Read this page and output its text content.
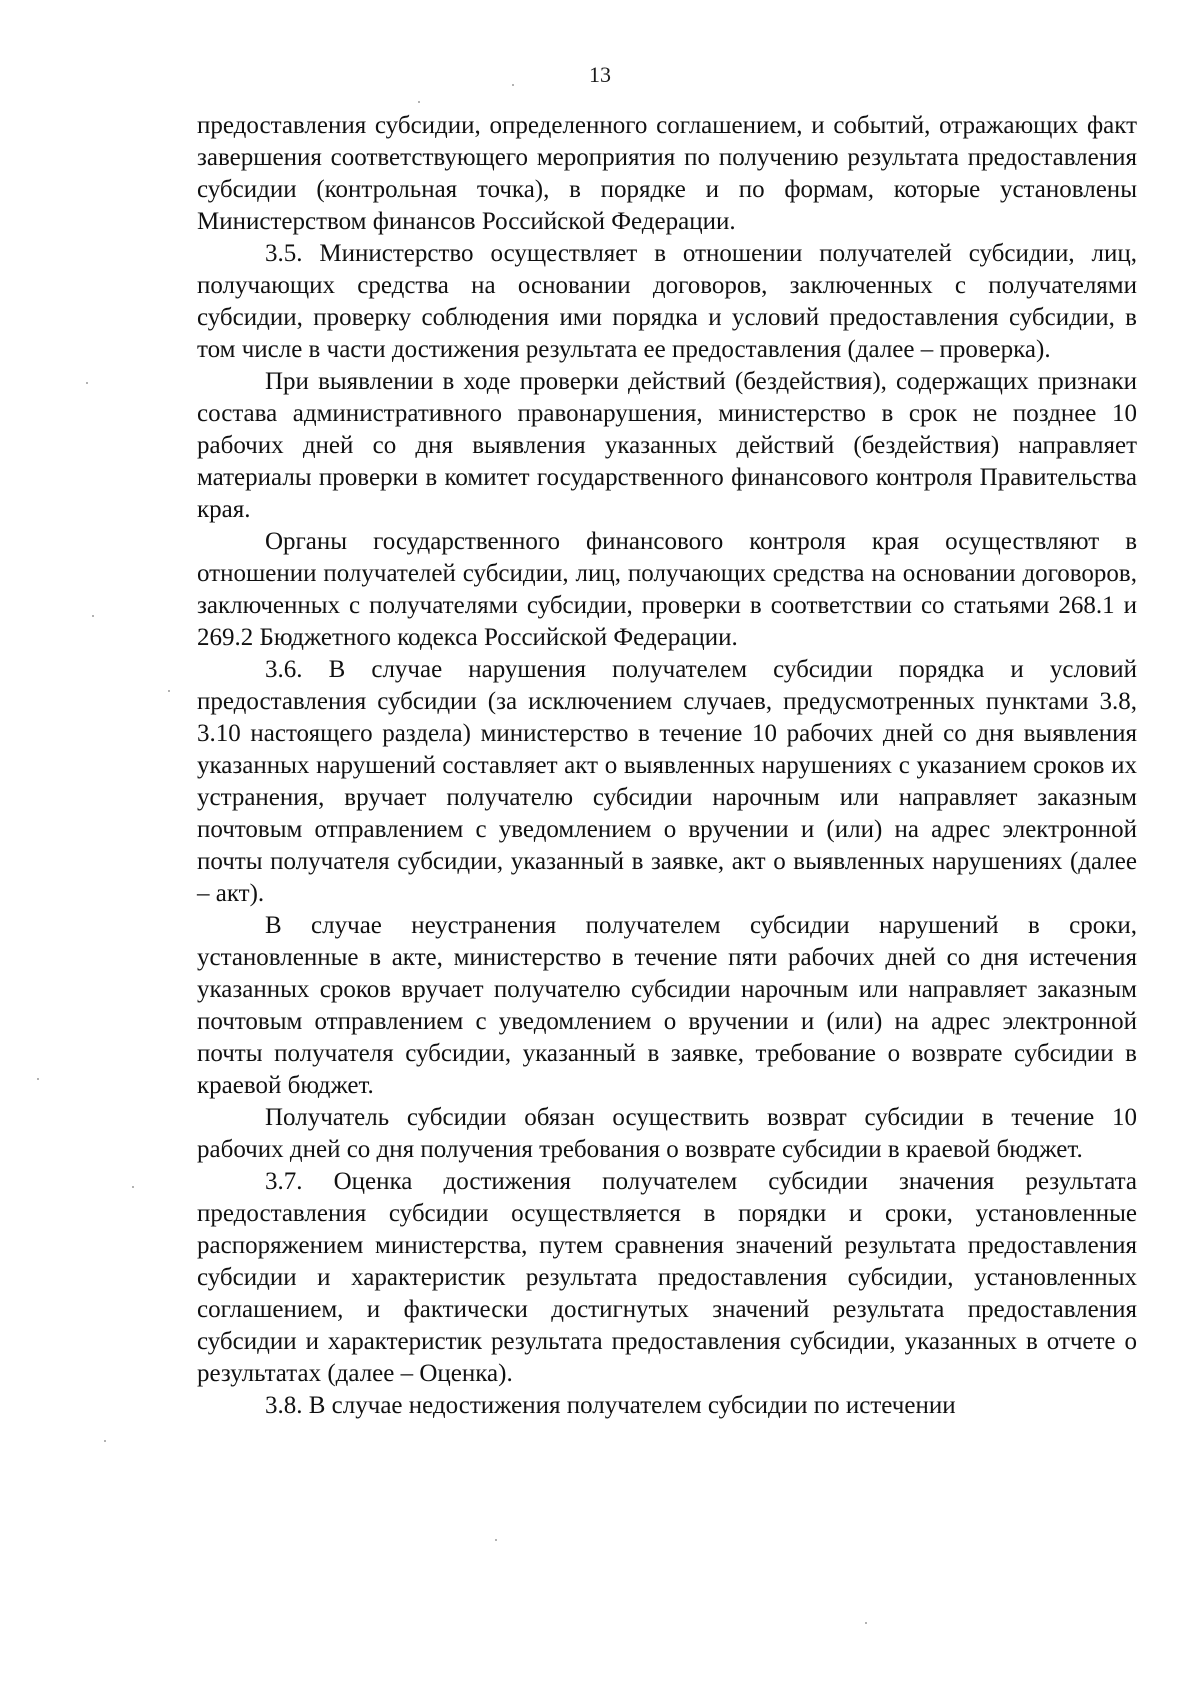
13

предоставления субсидии, определенного соглашением, и событий, отражающих факт завершения соответствующего мероприятия по получению результата предоставления субсидии (контрольная точка), в порядке и по формам, которые установлены Министерством финансов Российской Федерации.

3.5. Министерство осуществляет в отношении получателей субсидии, лиц, получающих средства на основании договоров, заключенных с получателями субсидии, проверку соблюдения ими порядка и условий предоставления субсидии, в том числе в части достижения результата ее предоставления (далее – проверка).

При выявлении в ходе проверки действий (бездействия), содержащих признаки состава административного правонарушения, министерство в срок не позднее 10 рабочих дней со дня выявления указанных действий (бездействия) направляет материалы проверки в комитет государственного финансового контроля Правительства края.

Органы государственного финансового контроля края осуществляют в отношении получателей субсидии, лиц, получающих средства на основании договоров, заключенных с получателями субсидии, проверки в соответствии со статьями 268.1 и 269.2 Бюджетного кодекса Российской Федерации.

3.6. В случае нарушения получателем субсидии порядка и условий предоставления субсидии (за исключением случаев, предусмотренных пунктами 3.8, 3.10 настоящего раздела) министерство в течение 10 рабочих дней со дня выявления указанных нарушений составляет акт о выявленных нарушениях с указанием сроков их устранения, вручает получателю субсидии нарочным или направляет заказным почтовым отправлением с уведомлением о вручении и (или) на адрес электронной почты получателя субсидии, указанный в заявке, акт о выявленных нарушениях (далее – акт).

В случае неустранения получателем субсидии нарушений в сроки, установленные в акте, министерство в течение пяти рабочих дней со дня истечения указанных сроков вручает получателю субсидии нарочным или направляет заказным почтовым отправлением с уведомлением о вручении и (или) на адрес электронной почты получателя субсидии, указанный в заявке, требование о возврате субсидии в краевой бюджет.

Получатель субсидии обязан осуществить возврат субсидии в течение 10 рабочих дней со дня получения требования о возврате субсидии в краевой бюджет.

3.7. Оценка достижения получателем субсидии значения результата предоставления субсидии осуществляется в порядки и сроки, установленные распоряжением министерства, путем сравнения значений результата предоставления субсидии и характеристик результата предоставления субсидии, установленных соглашением, и фактически достигнутых значений результата предоставления субсидии и характеристик результата предоставления субсидии, указанных в отчете о результатах (далее – Оценка).

3.8. В случае недостижения получателем субсидии по истечении
